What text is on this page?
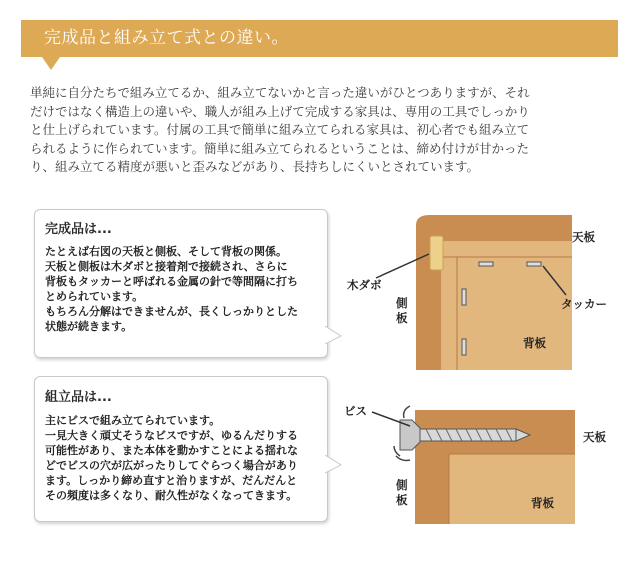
完成品と組み立て式との違い。

単純に自分たちで組み立てるか、組み立てないかと言った違いがひとつありますが、それ

だけではなく構造上の違いや、職人が組み上げて完成する家具は、専用の工具でしっかり

と仕上げられています。付属の工具で簡単に組み立てられる家具は、初心者でも組み立て

られるように作られています。簡単に組み立てられるということは、締め付けが甘かった

り、組み立てる精度が悪いと歪みなどがあり、長持ちしにくいとされています。

完成品は...

たとえば右図の天板と側板、そして背板の関係。

天板と側板は木ダボと接着剤で接続され、さらに

背板もタッカーと呼ばれる金属の針で等間隔に打ち

とめられています。

もちろん分解はできませんが、長くしっかりとした

状態が続きます。

組立品は...

主にビスで組み立てられています。

一見大きく頑丈そうなビスですが、ゆるんだりする

可能性があり、また本体を動かすことによる揺れな

どでビスの穴が広がったりしてぐらつく場合があり

ます。しっかり締め直すと治りますが、だんだんと

その頻度は多くなり、耐久性がなくなってきます。

天板
木ダボ
タッカー
側
板
背板
ビス
天板
側
板	背板
